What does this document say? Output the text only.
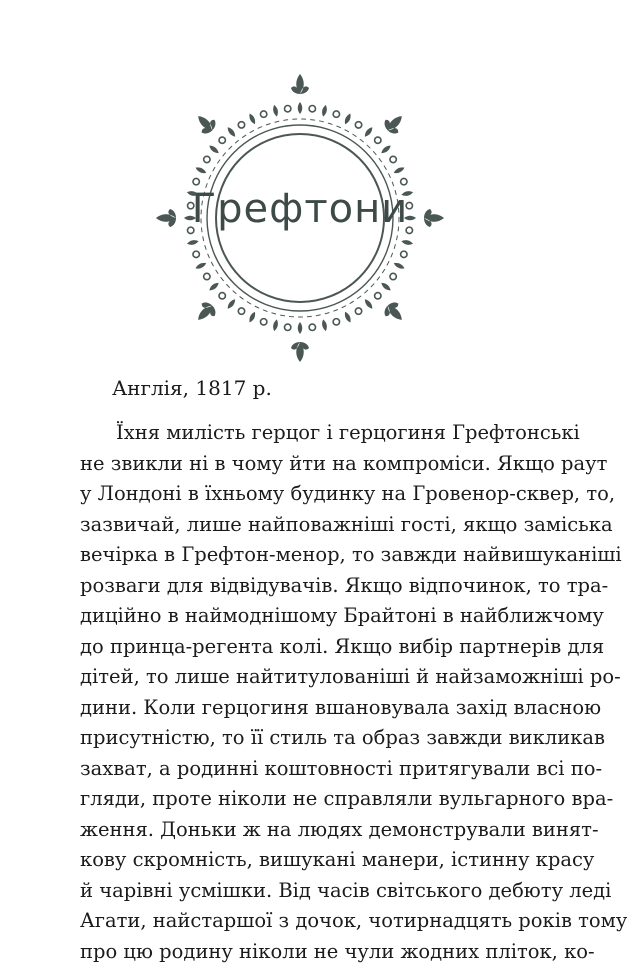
Грефтони

Англія, 1817 р.

Їхня милість герцог і герцогиня Грефтонські
не звикли ні в чому йти на компроміси. Якщо раут
у Лондоні в їхньому будинку на Гровенор-сквер, то,
зазвичай, лише найповажніші гості, якщо заміська
вечірка в Грефтон-менор, то завжди найвишуканіші
розваги для відвідувачів. Якщо відпочинок, то тра-
диційно в наймоднішому Брайтоні в найближчому
до принца-регента колі. Якщо вибір партнерів для
дітей, то лише найтитулованіші й найзаможніші ро-
дини. Коли герцогиня вшановувала захід власною
присутністю, то її стиль та образ завжди викликав
захват, а родинні коштовності притягували всі по-
гляди, проте ніколи не справляли вульгарного вра-
ження. Доньки ж на людях демонстрували винят-
кову скромність, вишукані манери, істинну красу
й чарівні усмішки. Від часів світського дебюту леді
Агати, найстаршої з дочок, чотирнадцять років тому
про цю родину ніколи не чули жодних пліток, ко-
